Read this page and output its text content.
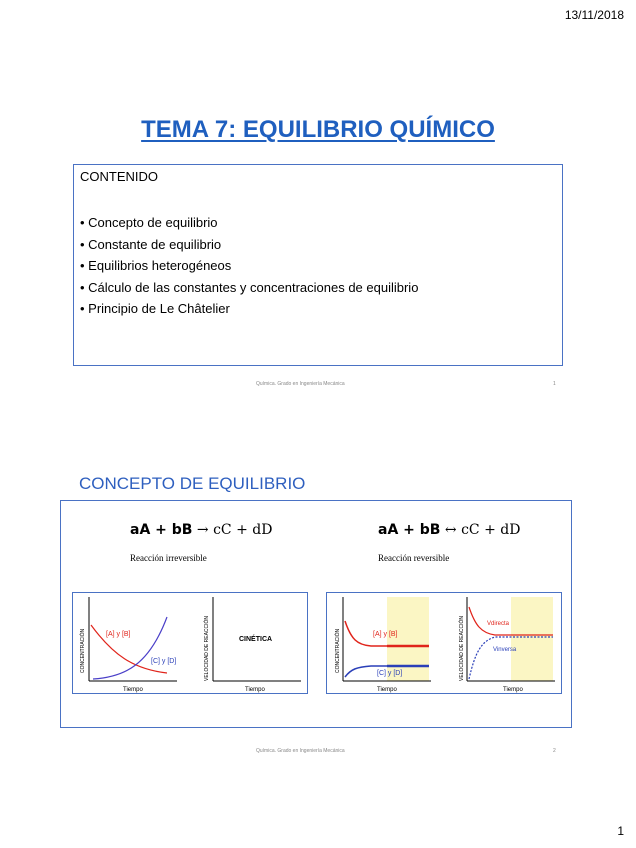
13/11/2018
TEMA 7: EQUILIBRIO QUÍMICO
CONTENIDO
• Concepto de equilibrio
• Constante de equilibrio
• Equilibrios heterogéneos
• Cálculo de las constantes y concentraciones de equilibrio
• Principio de Le Châtelier
Química. Grado en Ingeniería Mecánica	1
CONCEPTO DE EQUILIBRIO
aA + bB → cC + dD
Reacción irreversible
aA + bB ↔ cC + dD
Reacción reversible
CONCENTRACIÓN
Tiempo
[A] y [B]
[C] y [D]	VELOCIDAD DE REACCIÓN
Tiempo
CINÉTICA	CONCENTRACIÓN
Tiempo
[A] y [B]
[C] y [D]	VELOCIDAD DE REACCIÓN
Tiempo
Vdirecta
Vinversa
Química. Grado en Ingeniería Mecánica	2
1
